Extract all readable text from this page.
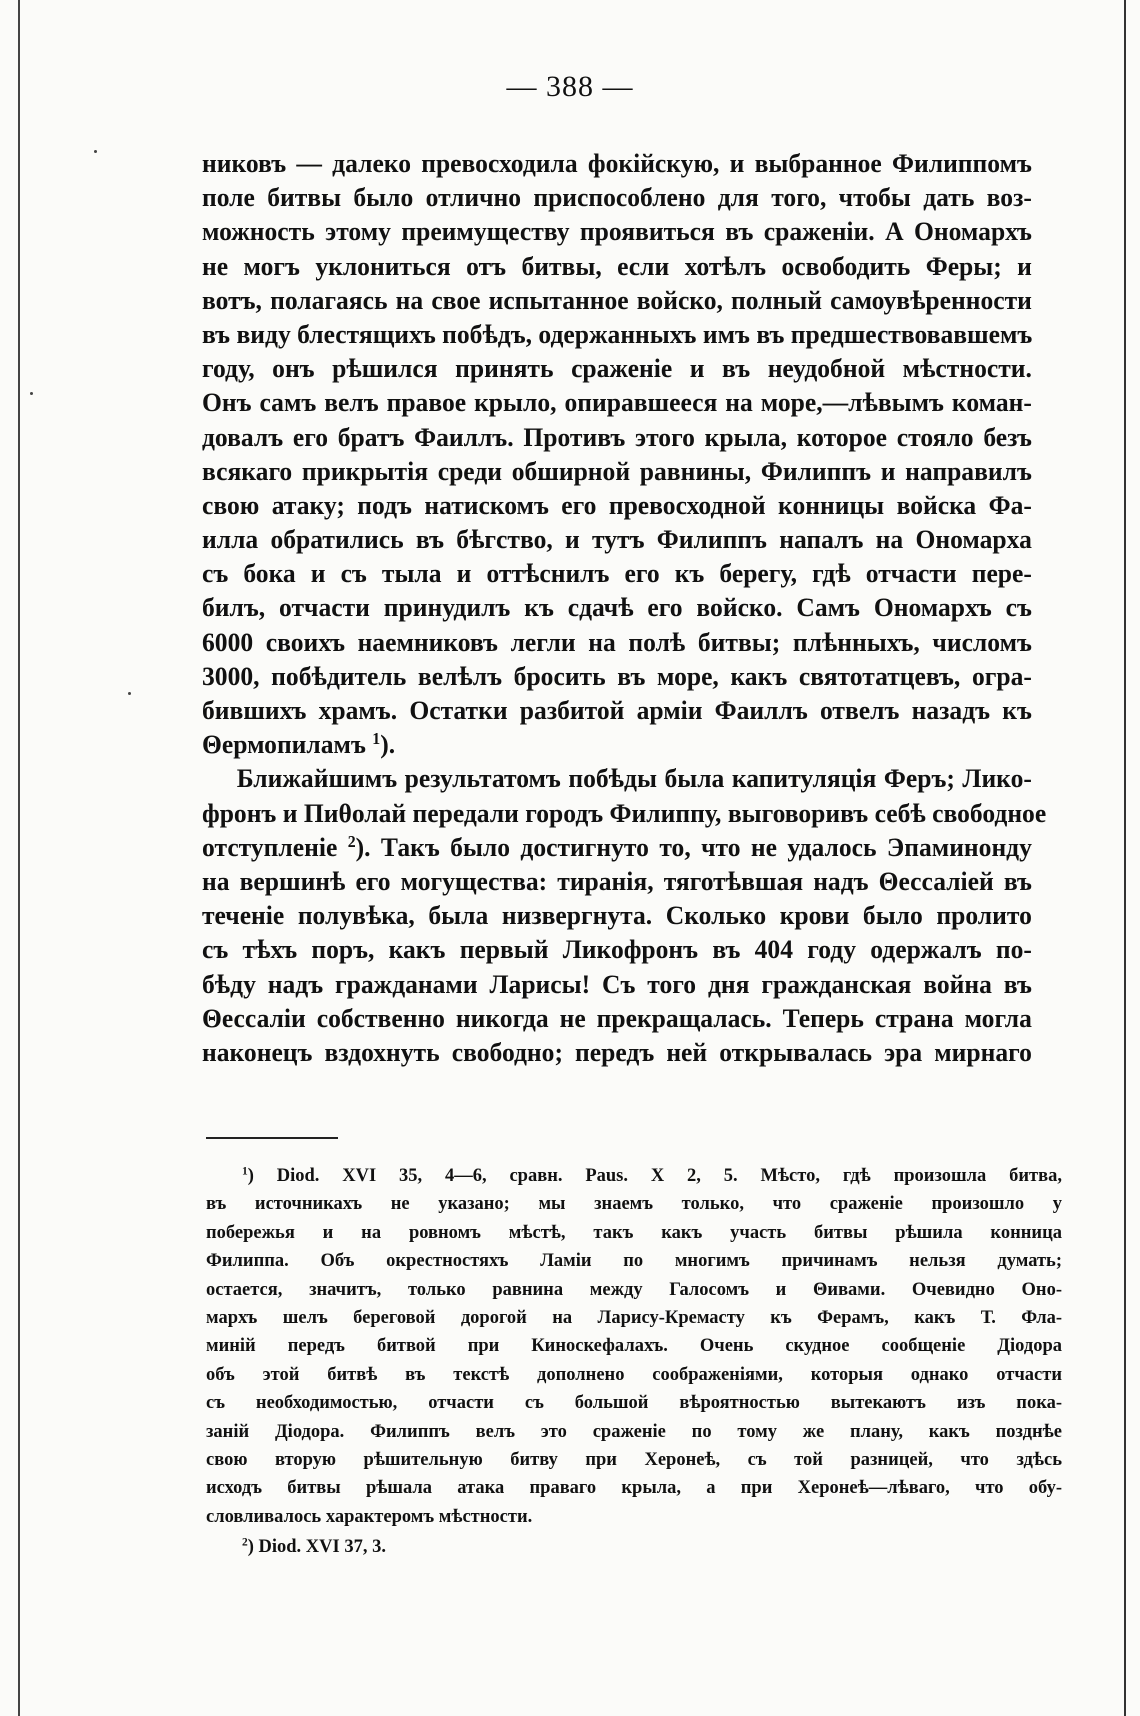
— 388 —
никовъ — далеко превосходила фокiйскую, и выбранное Филиппомъ
поле битвы было отлично приспособлено для того, чтобы дать воз-
можность этому преимуществу проявиться въ сраженiи. А Ономархъ
не могъ уклониться отъ битвы, если хотѣлъ освободить Феры; и
вотъ, полагаясь на свое испытанное войско, полный самоувѣренности
въ виду блестящихъ побѣдъ, одержанныхъ имъ въ предшествовавшемъ
году, онъ рѣшился принять сраженiе и въ неудобной мѣстности.
Онъ самъ велъ правое крыло, опиравшееся на море,—лѣвымъ коман-
довалъ его братъ Фаиллъ. Противъ этого крыла, которое стояло безъ
всякаго прикрытiя среди обширной равнины, Филиппъ и направилъ
свою атаку; подъ натискомъ его превосходной конницы войска Фа-
илла обратились въ бѣгство, и тутъ Филиппъ напалъ на Ономарха
съ бока и съ тыла и оттѣснилъ его къ берегу, гдѣ отчасти пере-
билъ, отчасти принудилъ къ сдачѣ его войско. Самъ Ономархъ съ
6000 своихъ наемниковъ легли на полѣ битвы; плѣнныхъ, числомъ
3000, побѣдитель велѣлъ бросить въ море, какъ святотатцевъ, огра-
бившихъ храмъ. Остатки разбитой армiи Фаиллъ отвелъ назадъ къ
Θермопиламъ $^1$).
Ближайшимъ результатомъ побѣды была капитуляцiя Феръ; Лико-
фронъ и Пиθолай передали городъ Филиппу, выговоривъ себѣ свободное
отступленiе $^2$). Такъ было достигнуто то, что не удалось Эпаминонду
на вершинѣ его могущества: тиранiя, тяготѣвшая надъ Θессалiей въ
теченiе полувѣка, была низвергнута. Сколько крови было пролито
съ тѣхъ поръ, какъ первый Ликофронъ въ 404 году одержалъ по-
бѣду надъ гражданами Ларисы! Съ того дня гражданская война въ
Θессалiи собственно никогда не прекращалась. Теперь страна могла
наконецъ вздохнуть свободно; передъ ней открывалась эра мирнаго
$^1$) Diod. XVI 35, 4—6, сравн. Paus. X 2, 5. Мѣсто, гдѣ произошла битва,
въ источникахъ не указано; мы знаемъ только, что сраженiе произошло у
побережья и на ровномъ мѣстѣ, такъ какъ участь битвы рѣшила конница
Филиппа. Объ окрестностяхъ Ламiи по многимъ причинамъ нельзя думать;
остается, значитъ, только равнина между Галосомъ и Θивами. Очевидно Оно-
мархъ шелъ береговой дорогой на Ларису-Кремасту къ Ферамъ, какъ Т. Фла-
минiй передъ битвой при Киноскефалахъ. Очень скудное сообщенiе Дiодора
объ этой битвѣ въ текстѣ дополнено соображенiями, которыя однако отчасти
съ необходимостью, отчасти съ большой вѣроятностью вытекаютъ изъ пока-
занiй Дiодора. Филиппъ велъ это сраженiе по тому же плану, какъ позднѣе
свою вторую рѣшительную битву при Херонеѣ, съ той разницей, что здѣсь
исходъ битвы рѣшала атака праваго крыла, а при Херонеѣ—лѣваго, что обу-
словливалось характеромъ мѣстности.
$^2$) Diod. XVI 37, 3.
